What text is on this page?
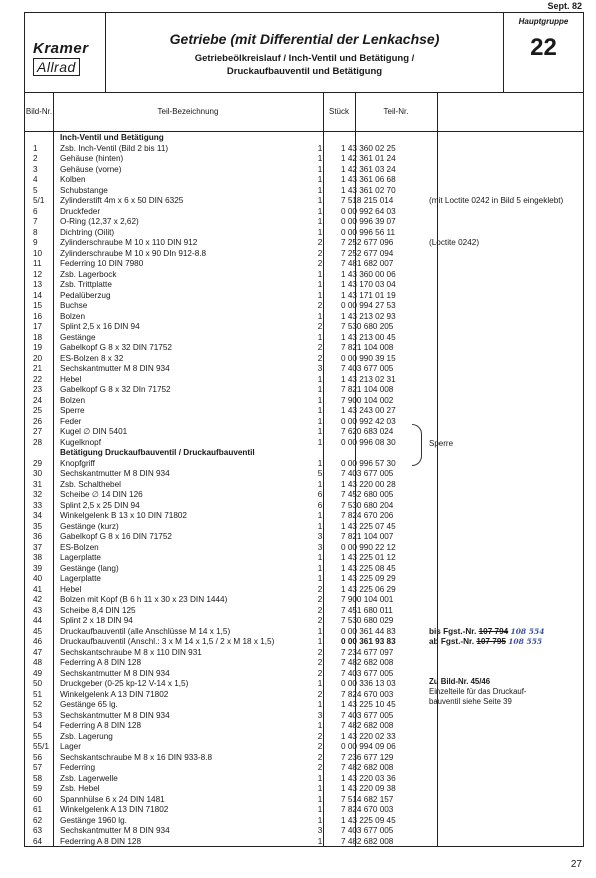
Sept. 82
Kramer
Allrad
Getriebe (mit Differential der Lenkachse)
Getriebeölkreislauf / Inch-Ventil und Betätigung /
Druckaufbauventil und Betätigung
Hauptgruppe
22
Bild-Nr.	Teil-Bezeichnung	Stück	Teil-Nr.
Inch-Ventil und Betätigung
1	Zsb. Inch-Ventil (Bild 2 bis 11)	1	1 43 360 02 25
2	Gehäuse (hinten)	1	1 42 361 01 24
3	Gehäuse (vorne)	1	1 42 361 03 24
4	Kolben	1	1 43 361 06 68
5	Schubstange	1	1 43 361 02 70
5/1 Zylinderstift 4m x 6 x 50 DIN 6325	1	7 518 215 014	(mit Loctite 0242 in Bild 5 eingeklebt)
6	Druckfeder	1	0 00 992 64 03
7	O-Ring (12,37 x 2,62)	1	0 00 996 39 07
8	Dichtring (Oilit)	1	0 00 996 56 11
9	Zylinderschraube M 10 x 110 DIN 912	2	7 252 677 096	(Loctite 0242)
10 Zylinderschraube M 10 x 90 DIn 912-8.8	2	7 252 677 094
11 Federring 10 DIN 7980	2	7 481 682 007
12 Zsb. Lagerbock	1	1 43 360 00 06
13 Zsb. Trittplatte	1	1 43 170 03 04
14 Pedalüberzug	1	1 43 171 01 19
15 Buchse	2	0 00 994 27 53
16 Bolzen	1	1 43 213 02 93
17 Splint 2,5 x 16 DIN 94	2	7 530 680 205
18 Gestänge	1	1 43 213 00 45
19 Gabelkopf G 8 x 32 DIN 71752	2	7 821 104 008
20 ES-Bolzen 8 x 32	2	0 00 990 39 15
21 Sechskantmutter M 8 DIN 934	3	7 403 677 005
22 Hebel	1	1 43 213 02 31
23 Gabelkopf G 8 x 32 DIn 71752	1	7 821 104 008
24 Bolzen	1	7 900 104 002
25 Sperre	1	1 43 243 00 27
26 Feder	1	0 00 992 42 03
27 Kugel ∅ DIN 5401	1	7 620 683 024
28 Kugelknopf	1	0 00 996 08 30
Betätigung Druckaufbauventil / Druckaufbauventil
29 Knopfgriff	1	0 00 996 57 30
30 Sechskantmutter M 8 DIN 934	5	7 403 677 005
31 Zsb. Schalthebel	1	1 43 220 00 28
32 Scheibe ∅ 14 DIN 126	6	7 452 680 005
33 Splint 2,5 x 25 DIN 94	6	7 530 680 204
34 Winkelgelenk B 13 x 10 DIN 71802	1	7 824 670 206
35 Gestänge (kurz)	1	1 43 225 07 45
36 Gabelkopf G 8 x 16 DIN 71752	3	7 821 104 007
37 ES-Bolzen	3	0 00 990 22 12
38 Lagerplatte	1	1 43 225 01 12
39 Gestänge (lang)	1	1 43 225 08 45
40 Lagerplatte	1	1 43 225 09 29
41 Hebel	2	1 43 225 06 29
42 Bolzen mit Kopf (B 6 h 11 x 30 x 23 DIN 1444)	2	7 900 104 001
43 Scheibe 8,4 DIN 125	2	7 451 680 011
44 Splint 2 x 18 DIN 94	2	7 530 680 029
45 Druckaufbauventil (alle Anschlüsse M 14 x 1,5)	1	0 00 361 44 83	bis Fgst.-Nr. 107 794 108 554
46 Druckaufbauventil (Anschl.: 3 x M 14 x 1,5 / 2 x M 18 x 1,5)	1	0 00 361 93 83	ab Fgst.-Nr. 107 795 108 555
47 Sechskantschraube M 8 x 110 DIN 931	2	7 234 677 097
48 Federring A 8 DIN 128	2	7 482 682 008
49 Sechskantmutter M 8 DIN 934	2	7 403 677 005
50 Druckgeber (0-25 kp-12 V-14 x 1,5)	1	0 00 336 13 03
51 Winkelgelenk A 13 DIN 71802	2	7 824 670 003
52 Gestänge 65 lg.	1	1 43 225 10 45
53 Sechskantmutter M 8 DIN 934	3	7 403 677 005
54 Federring A 8 DIN 128	1	7 482 682 008
55 Zsb. Lagerung	2	1 43 220 02 33
55/1 Lager	2	0 00 994 09 06
56 Sechskantschraube M 8 x 16 DIN 933-8.8	2	7 236 677 129
57 Federring	2	7 482 682 008
58 Zsb. Lagerwelle	1	1 43 220 03 36
59 Zsb. Hebel	1	1 43 220 09 38
60 Spannhülse 6 x 24 DIN 1481	1	7 514 682 157
61 Winkelgelenk A 13 DIN 71802	1	7 824 670 003
62 Gestänge 1960 lg.	1	1 43 225 09 45
63 Sechskantmutter M 8 DIN 934	3	7 403 677 005
64 Federring A 8 DIN 128	1	7 482 682 008
Sperre
Zu Bild-Nr. 45/46
Einzelteile für das Druckauf-
bauventil siehe Seite 39
27
